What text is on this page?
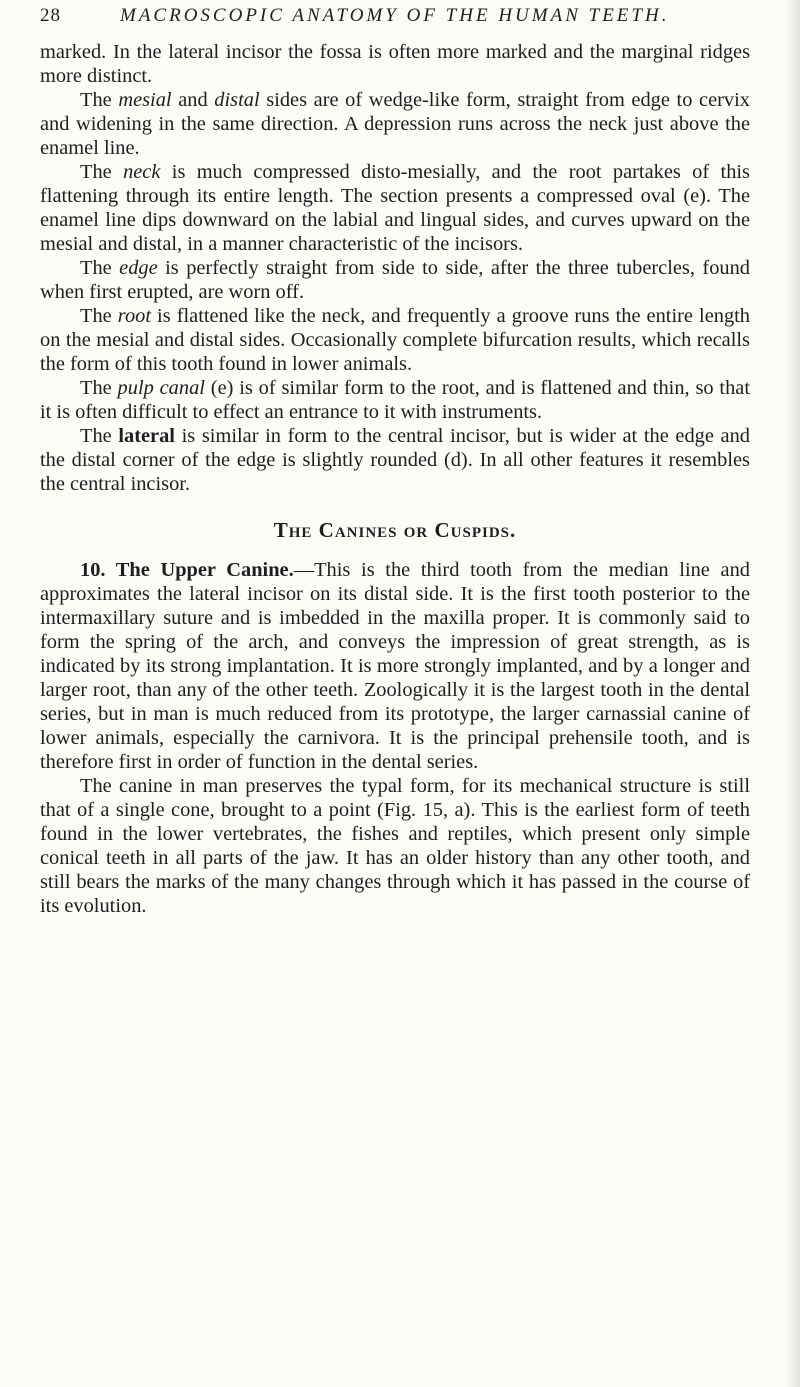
28	MACROSCOPIC ANATOMY OF THE HUMAN TEETH.

marked. In the lateral incisor the fossa is often more marked and the marginal ridges more distinct.

The mesial and distal sides are of wedge-like form, straight from edge to cervix and widening in the same direction. A depression runs across the neck just above the enamel line.

The neck is much compressed disto-mesially, and the root partakes of this flattening through its entire length. The section presents a compressed oval (e). The enamel line dips downward on the labial and lingual sides, and curves upward on the mesial and distal, in a manner characteristic of the incisors.

The edge is perfectly straight from side to side, after the three tubercles, found when first erupted, are worn off.

The root is flattened like the neck, and frequently a groove runs the entire length on the mesial and distal sides. Occasionally complete bifurcation results, which recalls the form of this tooth found in lower animals.

The pulp canal (e) is of similar form to the root, and is flattened and thin, so that it is often difficult to effect an entrance to it with instruments.

The lateral is similar in form to the central incisor, but is wider at the edge and the distal corner of the edge is slightly rounded (d). In all other features it resembles the central incisor.

The Canines or Cuspids.

10. The Upper Canine.—This is the third tooth from the median line and approximates the lateral incisor on its distal side. It is the first tooth posterior to the intermaxillary suture and is imbedded in the maxilla proper. It is commonly said to form the spring of the arch, and conveys the impression of great strength, as is indicated by its strong implantation. It is more strongly implanted, and by a longer and larger root, than any of the other teeth. Zoologically it is the largest tooth in the dental series, but in man is much reduced from its prototype, the larger carnassial canine of lower animals, especially the carnivora. It is the principal prehensile tooth, and is therefore first in order of function in the dental series.

The canine in man preserves the typal form, for its mechanical structure is still that of a single cone, brought to a point (Fig. 15, a). This is the earliest form of teeth found in the lower vertebrates, the fishes and reptiles, which present only simple conical teeth in all parts of the jaw. It has an older history than any other tooth, and still bears the marks of the many changes through which it has passed in the course of its evolution.
